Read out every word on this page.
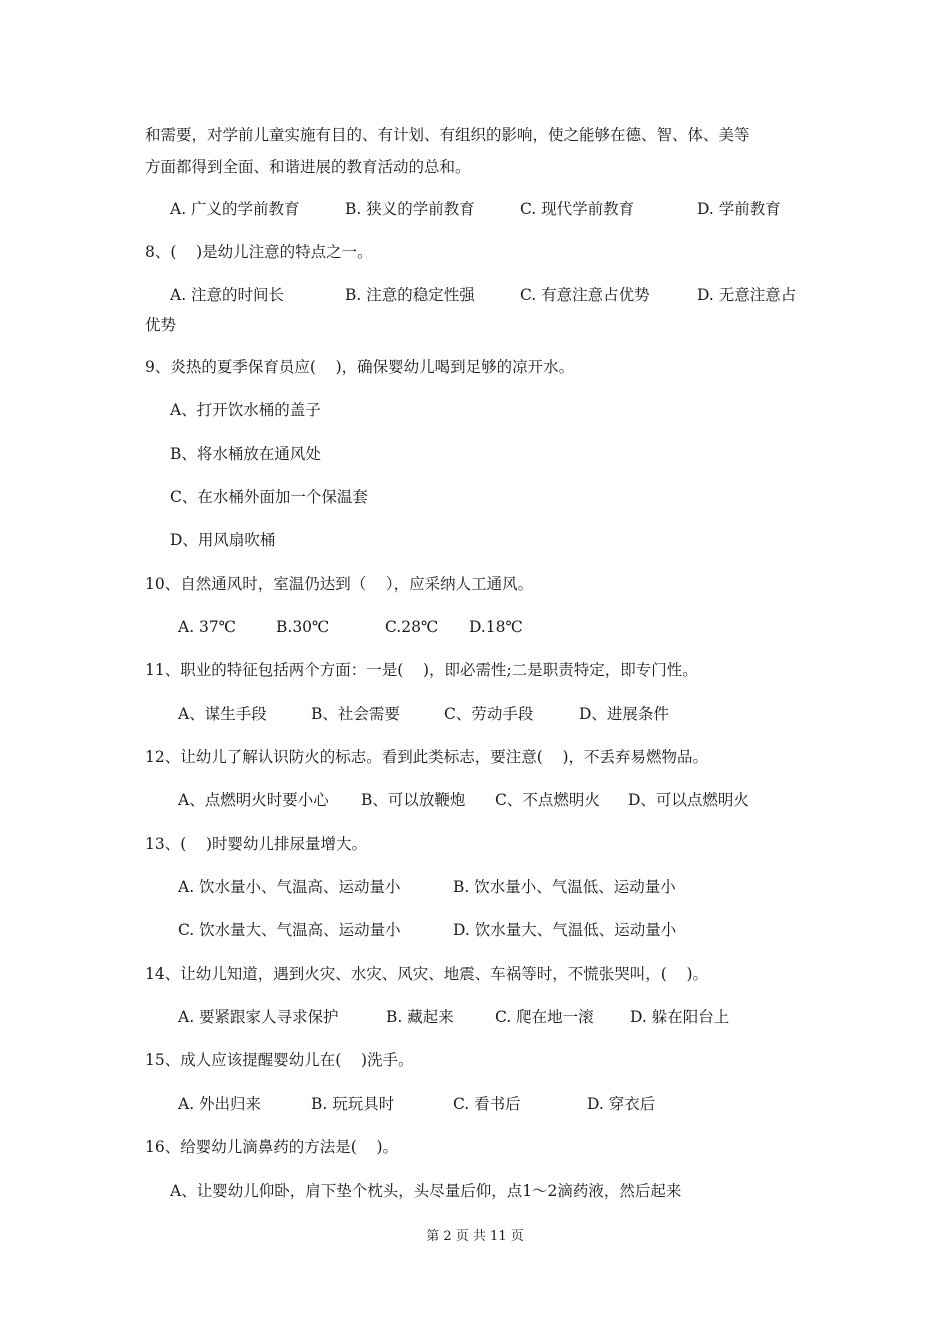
和需要，对学前儿童实施有目的、有计划、有组织的影响，使之能够在德、智、体、美等
方面都得到全面、和谐进展的教育活动的总和。
A. 广义的学前教育	B. 狭义的学前教育	C. 现代学前教育	D. 学前教育
8、(    )是幼儿注意的特点之一。
A. 注意的时间长	B. 注意的稳定性强	C. 有意注意占优势	D. 无意注意占
优势
9、炎热的夏季保育员应(    )，确保婴幼儿喝到足够的凉开水。
A、打开饮水桶的盖子
B、将水桶放在通风处
C、在水桶外面加一个保温套
D、用风扇吹桶
10、自然通风时，室温仍达到（    ），应采纳人工通风。
A. 37℃	B.30℃	C.28℃ D.18℃
11、职业的特征包括两个方面：一是(    )，即必需性;二是职责特定，即专门性。
A、谋生手段	B、社会需要	C、劳动手段	D、进展条件
12、让幼儿了解认识防火的标志。看到此类标志，要注意(    )，不丢弃易燃物品。
A、点燃明火时要小心 B、可以放鞭炮 C、不点燃明火 D、可以点燃明火
13、(    )时婴幼儿排尿量增大。
A. 饮水量小、气温高、运动量小	B. 饮水量小、气温低、运动量小
C. 饮水量大、气温高、运动量小	D. 饮水量大、气温低、运动量小
14、让幼儿知道，遇到火灾、水灾、风灾、地震、车祸等时，不慌张哭叫，(    )。
A. 要紧跟家人寻求保护	B. 藏起来	C. 爬在地一滚 D. 躲在阳台上
15、成人应该提醒婴幼儿在(    )洗手。
A. 外出归来	B. 玩玩具时	C. 看书后	D. 穿衣后
16、给婴幼儿滴鼻药的方法是(    )。
A、让婴幼儿仰卧，肩下垫个枕头，头尽量后仰，点1～2滴药液，然后起来
第 2 页 共 11 页
